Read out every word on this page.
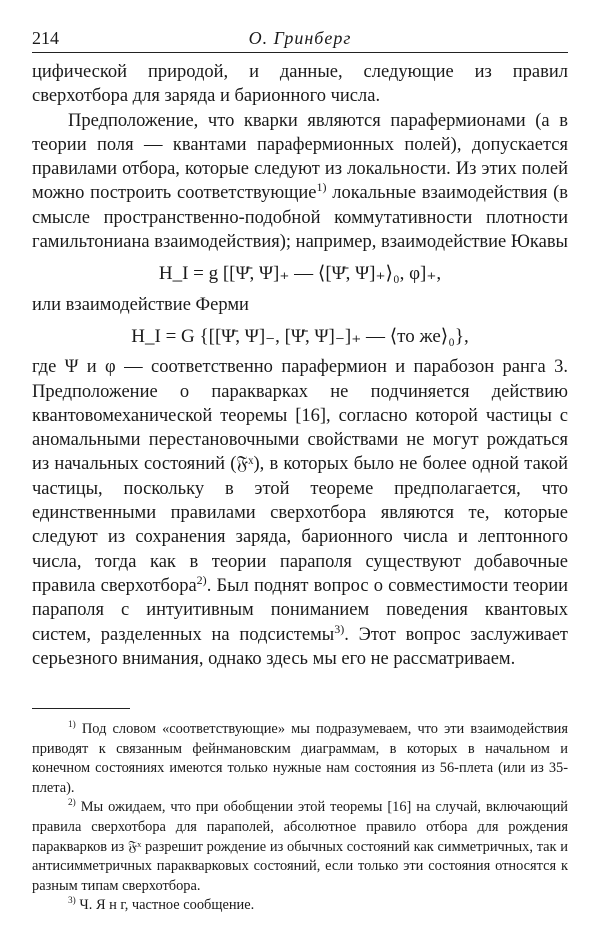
214	О. Гринберг

цифической природой, и данные, следующие из правил сверхотбора для заряда и барионного числа.

Предположение, что кварки являются парафермионами (а в теории поля — квантами парафермионных полей), допускается правилами отбора, которые следуют из локальности. Из этих полей можно построить соответствующие$^{1)}$ локальные взаимодействия (в смысле пространственно-подобной коммутативности плотности гамильтониана взаимодействия); например, взаимодействие Юкавы

H_I = g [[Ψ̄, Ψ]₊ — ⟨[Ψ̄, Ψ]₊⟩₀, φ]₊,

или взаимодействие Ферми

H_I = G {[[Ψ̄, Ψ]₋, [Ψ̄, Ψ]₋]₊ — ⟨то же⟩₀},

где Ψ и φ — соответственно парафермион и парабозон ранга 3. Предположение о паракварках не подчиняется действию квантовомеханической теоремы [16], согласно которой частицы с аномальными перестановочными свойствами не могут рождаться из начальных состояний (𝔉ˣ), в которых было не более одной такой частицы, поскольку в этой теореме предполагается, что единственными правилами сверхотбора являются те, которые следуют из сохранения заряда, барионного числа и лептонного числа, тогда как в теории параполя существуют добавочные правила сверхотбора$^{2)}$. Был поднят вопрос о совместимости теории параполя с интуитивным пониманием поведения квантовых систем, разделенных на подсистемы$^{3)}$. Этот вопрос заслуживает серьезного внимания, однако здесь мы его не рассматриваем.

$^{1)}$ Под словом «соответствующие» мы подразумеваем, что эти взаимодействия приводят к связанным фейнмановским диаграммам, в которых в начальном и конечном состояниях имеются только нужные нам состояния из 56-плета (или из 35-плета).

$^{2)}$ Мы ожидаем, что при обобщении этой теоремы [16] на случай, включающий правила сверхотбора для параполей, абсолютное правило отбора для рождения паракварков из 𝔉ˣ разрешит рождение из обычных состояний как симметричных, так и антисимметричных паракварковых состояний, если только эти состояния относятся к разным типам сверхотбора.

$^{3)}$ Ч. Я н г, частное сообщение.
